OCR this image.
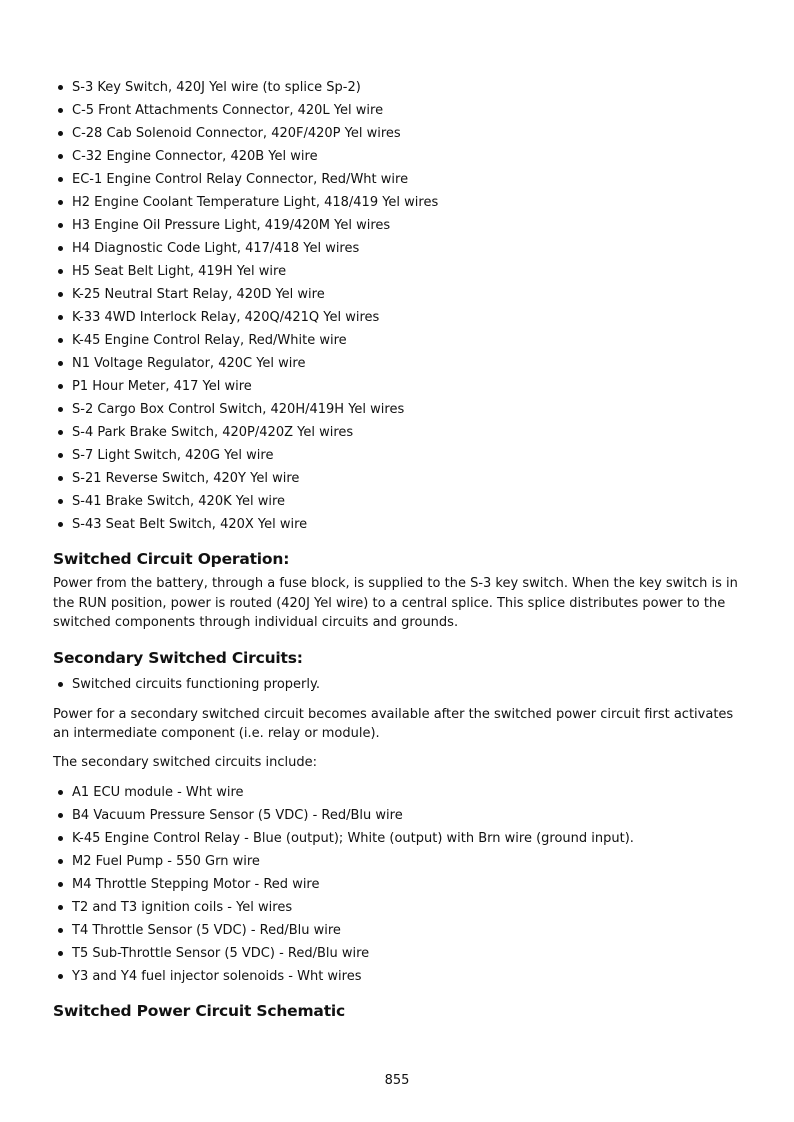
S-3 Key Switch, 420J Yel wire (to splice Sp-2)
C-5 Front Attachments Connector, 420L Yel wire
C-28 Cab Solenoid Connector, 420F/420P Yel wires
C-32 Engine Connector, 420B Yel wire
EC-1 Engine Control Relay Connector, Red/Wht wire
H2 Engine Coolant Temperature Light, 418/419 Yel wires
H3 Engine Oil Pressure Light, 419/420M Yel wires
H4 Diagnostic Code Light, 417/418 Yel wires
H5 Seat Belt Light, 419H Yel wire
K-25 Neutral Start Relay, 420D Yel wire
K-33 4WD Interlock Relay, 420Q/421Q Yel wires
K-45 Engine Control Relay, Red/White wire
N1 Voltage Regulator, 420C Yel wire
P1 Hour Meter, 417 Yel wire
S-2 Cargo Box Control Switch, 420H/419H Yel wires
S-4 Park Brake Switch, 420P/420Z Yel wires
S-7 Light Switch, 420G Yel wire
S-21 Reverse Switch, 420Y Yel wire
S-41 Brake Switch, 420K Yel wire
S-43 Seat Belt Switch, 420X Yel wire
Switched Circuit Operation:

Power from the battery, through a fuse block, is supplied to the S-3 key switch. When the key switch is in the RUN position, power is routed (420J Yel wire) to a central splice. This splice distributes power to the switched components through individual circuits and grounds.

Secondary Switched Circuits:
Switched circuits functioning properly.

Power for a secondary switched circuit becomes available after the switched power circuit first activates an intermediate component (i.e. relay or module).

The secondary switched circuits include:

A1 ECU module - Wht wire
B4 Vacuum Pressure Sensor (5 VDC) - Red/Blu wire
K-45 Engine Control Relay - Blue (output); White (output) with Brn wire (ground input).
M2 Fuel Pump - 550 Grn wire
M4 Throttle Stepping Motor - Red wire
T2 and T3 ignition coils - Yel wires
T4 Throttle Sensor (5 VDC) - Red/Blu wire
T5 Sub-Throttle Sensor (5 VDC) - Red/Blu wire
Y3 and Y4 fuel injector solenoids - Wht wires
Switched Power Circuit Schematic
855
